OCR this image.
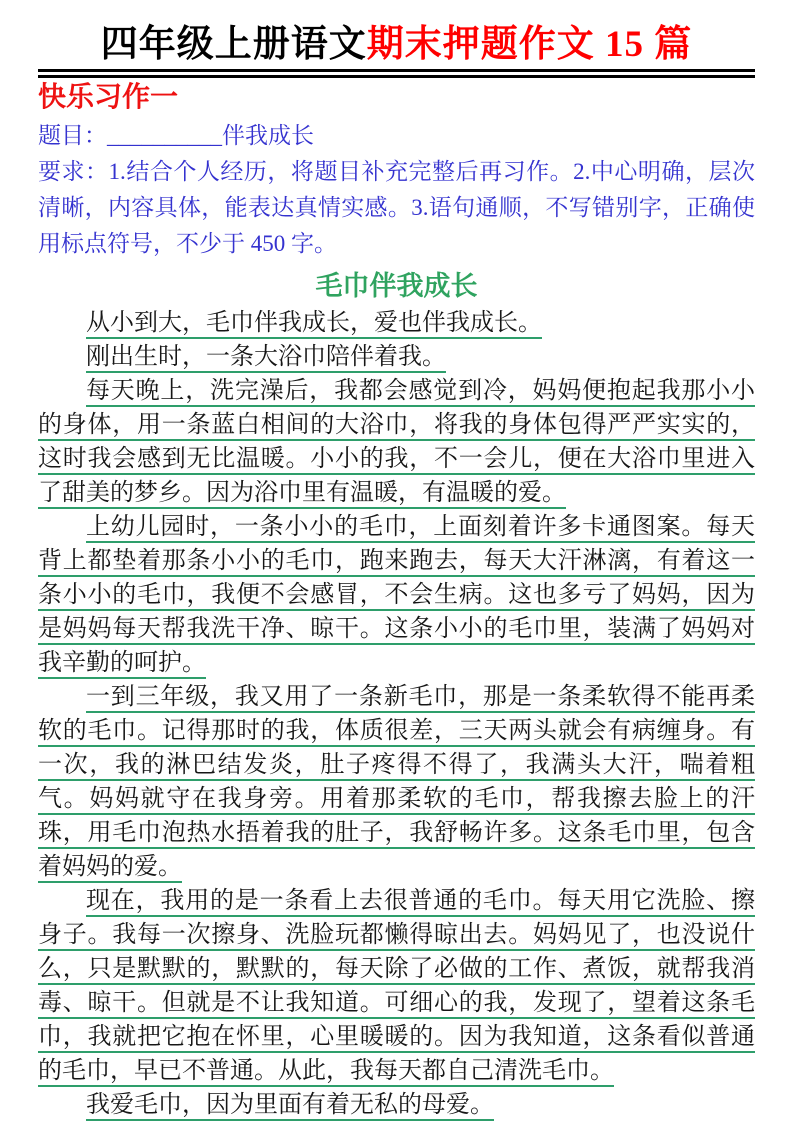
四年级上册语文期末押题作文 15 篇
快乐习作一

题目：__________伴我成长

要求：1.结合个人经历，将题目补充完整后再习作。2.中心明确，层次清晰，内容具体，能表达真情实感。3.语句通顺，不写错别字，正确使用标点符号，不少于 450 字。

毛巾伴我成长

从小到大，毛巾伴我成长，爱也伴我成长。

刚出生时，一条大浴巾陪伴着我。

每天晚上，洗完澡后，我都会感觉到冷，妈妈便抱起我那小小的身体，用一条蓝白相间的大浴巾，将我的身体包得严严实实的，这时我会感到无比温暖。小小的我，不一会儿，便在大浴巾里进入了甜美的梦乡。因为浴巾里有温暖，有温暖的爱。

上幼儿园时，一条小小的毛巾，上面刻着许多卡通图案。每天背上都垫着那条小小的毛巾，跑来跑去，每天大汗淋漓，有着这一条小小的毛巾，我便不会感冒，不会生病。这也多亏了妈妈，因为是妈妈每天帮我洗干净、晾干。这条小小的毛巾里，装满了妈妈对我辛勤的呵护。

一到三年级，我又用了一条新毛巾，那是一条柔软得不能再柔软的毛巾。记得那时的我，体质很差，三天两头就会有病缠身。有一次，我的淋巴结发炎，肚子疼得不得了，我满头大汗，喘着粗气。妈妈就守在我身旁。用着那柔软的毛巾，帮我擦去脸上的汗珠，用毛巾泡热水捂着我的肚子，我舒畅许多。这条毛巾里，包含着妈妈的爱。

现在，我用的是一条看上去很普通的毛巾。每天用它洗脸、擦身子。我每一次擦身、洗脸玩都懒得晾出去。妈妈见了，也没说什么，只是默默的，默默的，每天除了必做的工作、煮饭，就帮我消毒、晾干。但就是不让我知道。可细心的我，发现了，望着这条毛巾，我就把它抱在怀里，心里暖暖的。因为我知道，这条看似普通的毛巾，早已不普通。从此，我每天都自己清洗毛巾。

我爱毛巾，因为里面有着无私的母爱。
